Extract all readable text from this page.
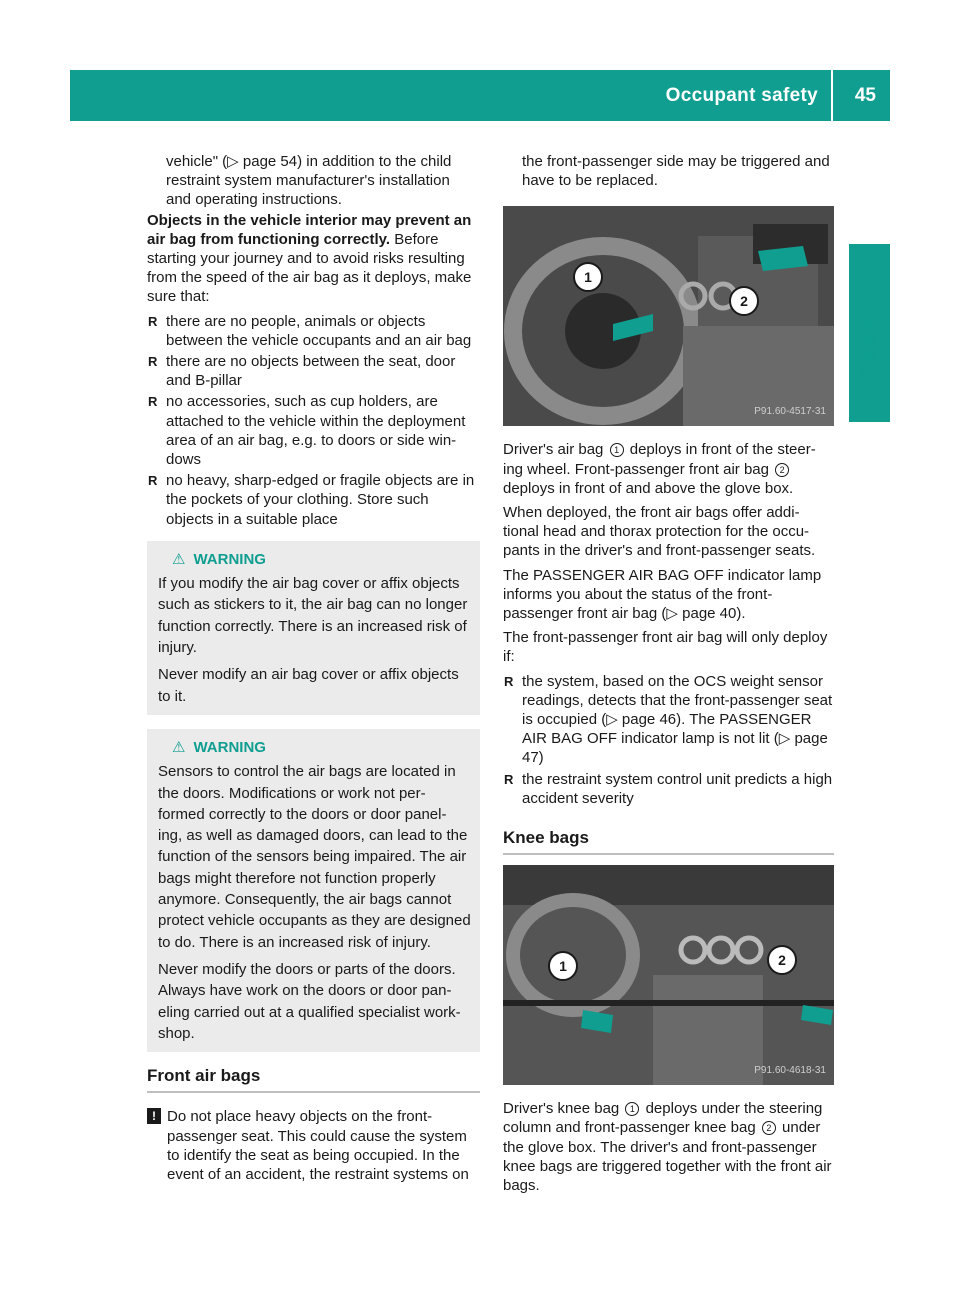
Occupant safety 45
Safety

vehicle" (▷ page 54) in addition to the child

restraint system manufacturer's installation

and operating instructions.

Objects in the vehicle interior may prevent an air bag from functioning correctly. Before starting your journey and to avoid risks resulting from the speed of the air bag as it deploys, make sure that:

R there are no people, animals or objects between the vehicle occupants and an air bag
R there are no objects between the seat, door and B-pillar
R no accessories, such as cup holders, are attached to the vehicle within the deployment area of an air bag, e.g. to doors or side win- dows
R no heavy, sharp-edged or fragile objects are in the pockets of your clothing. Store such objects in a suitable place
⚠ WARNING

If you modify the air bag cover or affix objects such as stickers to it, the air bag can no longer function correctly. There is an increased risk of injury.

Never modify an air bag cover or affix objects to it.

⚠ WARNING

Sensors to control the air bags are located in the doors. Modifications or work not per- formed correctly to the doors or door panel- ing, as well as damaged doors, can lead to the function of the sensors being impaired. The air bags might therefore not function properly anymore. Consequently, the air bags cannot protect vehicle occupants as they are designed to do. There is an increased risk of injury.

Never modify the doors or parts of the doors. Always have work on the doors or door pan- eling carried out at a qualified specialist work- shop.

Front air bags
! Do not place heavy objects on the front- passenger seat. This could cause the system to identify the seat as being occupied. In the event of an accident, the restraint systems on

the front-passenger side may be triggered and have to be replaced.

1
2
P91.60-4517-31

Driver's air bag 1 deploys in front of the steer- ing wheel. Front-passenger front air bag 2 deploys in front of and above the glove box.

When deployed, the front air bags offer addi- tional head and thorax protection for the occu- pants in the driver's and front-passenger seats.

The PASSENGER AIR BAG OFF indicator lamp informs you about the status of the front- passenger front air bag (▷ page 40).

The front-passenger front air bag will only deploy if:

R the system, based on the OCS weight sensor readings, detects that the front-passenger seat is occupied (▷ page 46). The PASSENGER AIR BAG OFF indicator lamp is not lit (▷ page 47)
R the restraint system control unit predicts a high accident severity
Knee bags
1	2
P91.60-4618-31

Driver's knee bag 1 deploys under the steering column and front-passenger knee bag 2 under the glove box. The driver's and front-passenger knee bags are triggered together with the front air bags.
